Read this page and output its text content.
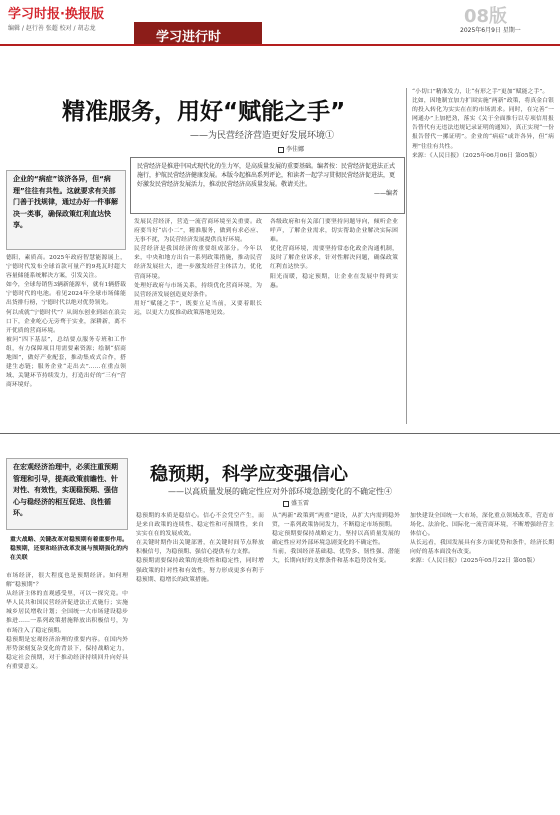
学习时报·换报版
编辑 / 赵行善 张超 校对 / 胡志龙
学习进行时
08版
2025年6月9日 星期一
精准服务，用好“赋能之手”
——为民营经济营造更好发展环境①
李佳娜
民营经济是推进中国式现代化的生力军，是高质量发展的重要基础。编者按：民营经济促进法正式施行，护航民营经济健康发展。本版今起推出系列评论，和读者一起学习贯彻民营经济促进法，更好激发民营经济发展活力，推动民营经济高质量发展。敬请关注。
——编者
企业的“病症”该济各异，但“病理”往往有共性。这就要求有关部门善于找规律，通过办好一件事解决一类事，确保政策红利直达快享。

德阳，素质高。2025年政府智慧能源展上，宁德时代发布全球首款可量产的9兆瓦时超大容量储能系统解决方案，引发关注。

如今，全球每销售3辆新能源车，就有1辆搭载宁德时代的电池。看见2024年全球市场储能出货排行榜，宁德时代以绝对优势领先。

何以成就“宁德时代”？从闽东创业到站在浪尖口下，企业屹心无旁骛于实业，深耕新，离不开优质的营商环境。

被问“四下基层”，总结要点服务专班和工作组，有力保障项目用需要素资源；绘制“招商地图”，做好产业配套，推动集成式合作，搭建生态链；服务企业“走出去”……在重点领域、关键环节持续发力，打造出好的“三有”营商环境好。

发展民营经济，营造一流营商环境至关重要。政府要当好“店小二”，精准服务，做到有求必应、无事不扰，为民营经济发展提供良好环境。

民营经济是我国经济的重要组成部分。今年以来，中央和地方出台一系列政策措施，推动民营经济发展壮大，进一步激发经营主体活力，优化营商环境。

处理好政府与市场关系，持续优化营商环境，为民营经济发展创造更好条件。

用好“赋能之手”，既要立足当前，又要着眼长远，以更大力度推动政策落地见效。

各级政府和有关部门要坚持问题导向，倾听企业呼声，了解企业需求，切实帮助企业解决实际困难。

优化营商环境，需要坚持常态化政企沟通机制，及时了解企业诉求，针对性解决问题，确保政策红利直达快享。

阳光而暖，稳定预期，让企业在发展中得到实惠。

“小切口”精准发力，让“有形之手”更加“赋能之手”。

比如，因地制宜加力扩围实施“两新”政策，将真金白银的投入转化为实实在在的市场需求。同时，在完善“一网通办”上加把劲，落实《关于全面推行以专项信用报告替代有无违法违规记录证明的通知》，真正实现“一份报告替代一摞证明”。企业的“病症”或许各异，但“病理”往往有共性。

来源：《人民日报》（2025年06月06日 第05版）

稳预期，科学应变强信心
——以高质量发展的确定性应对外部环境急剧变化的不确定性④
盛玉雷
在宏观经济治理中，必须注重预期管理和引导，提高政策前瞻性、针对性、有效性，实现稳预期、强信心与稳经济的相互促进、良性循环。
重大战略、关键改革对稳预期有着重要作用。稳预期，还要和经济改革发展与预期强化的内在关联

市场经济，很大程度也是预期经济。如何理解“稳预期”？

从经济主体的直观感受里，可以一探究竟。中华人民共和国民营经济促进法正式施行；实施城乡居民增收计划；全国统一大市场建设稳步推进……一系列政策措施释放出积极信号，为市场注入了稳定预期。

稳预期是宏观经济治理的重要内容。在国内外形势深刻复杂变化的背景下，保持战略定力，稳定社会预期，对于推动经济持续回升向好具有重要意义。

稳预期的本质是稳信心。信心不会凭空产生，而是来自政策的连续性、稳定性和可预期性，来自实实在在的发展成效。

在关键时期作出关键部署，在关键时间节点释放积极信号，为稳预期、强信心提供有力支撑。

稳预期需要保持政策的连续性和稳定性，同时增强政策的针对性和有效性，努力形成更多有利于稳预期、稳增长的政策措施。

从“两新”政策到“两重”建设，从扩大内需到稳外贸，一系列政策协同发力，不断稳定市场预期。

稳定预期要保持战略定力，坚持以高质量发展的确定性应对外部环境急剧变化的不确定性。

当前，我国经济基础稳、优势多、韧性强、潜能大，长期向好的支撑条件和基本趋势没有变。

加快建设全国统一大市场，深化重点领域改革，营造市场化、法治化、国际化一流营商环境，不断增强经营主体信心。

从长远看，我国发展具有多方面优势和条件，经济长期向好的基本面没有改变。

来源：《人民日报》（2025年05月22日 第05版）
